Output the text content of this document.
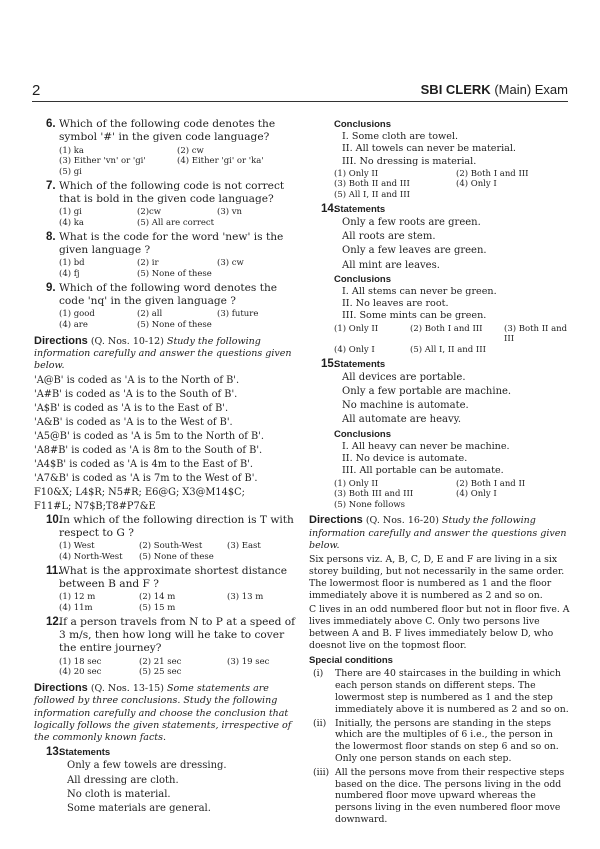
2	SBI CLERK (Main) Exam
6. Which of the following code denotes the symbol '#' in the given code language?
(1) ka	(2) cw
(3) Either 'vn' or 'gi'	(4) Either 'gi' or 'ka'
(5) gi
7. Which of the following code is not correct that is bold in the given code language?
(1) gi	(2)cw	(3) vn
(4) ka	(5) All are correct
8. What is the code for the word 'new' is the given language ?
(1) bd	(2) ir	(3) cw
(4) fj	(5) None of these
9. Which of the following word denotes the code 'nq' in the given language ?
(1) good	(2) all	(3) future
(4) are	(5) None of these
Directions (Q. Nos. 10-12) Study the following information carefully and answer the questions given below.
'A@B' is coded as 'A is to the North of B'.
'A#B' is coded as 'A is to the South of B'.
'A$B' is coded as 'A is to the East of B'.
'A&B' is coded as 'A is to the West of B'.
'A5@B' is coded as 'A is 5m to the North of B'.
'A8#B' is coded as 'A is 8m to the South of B'.
'A4$B' is coded as 'A is 4m to the East of B'.
'A7&B' is coded as 'A is 7m to the West of B'.
F10&X; L4$R; N5#R; E6@G; X3@M14$C;
F11#L; N7$B;T8#P7&E
10.
In which of the following direction is T with respect to G ?
(1) West	(2) South-West	(3) East
(4) North-West	(5) None of these
11.
What is the approximate shortest distance between B and F ?
(1) 12 m	(2) 14 m	(3) 13 m
(4) 11m	(5) 15 m
12.
If a person travels from N to P at a speed of 3 m/s, then how long will he take to cover the entire journey?
(1) 18 sec	(2) 21 sec	(3) 19 sec
(4) 20 sec	(5) 25 sec
Directions (Q. Nos. 13-15) Some statements are followed by three conclusions. Study the following information carefully and choose the conclusion that logically follows the given statements, irrespective of the commonly known facts.
13.
Statements
Only a few towels are dressing.
All dressing are cloth.
No cloth is material.
Some materials are general.
Conclusions
I. Some cloth are towel.
II. All towels can never be material.
III. No dressing is material.
(1) Only II	(2) Both I and III
(3) Both II and III	(4) Only I
(5) All I, II and III
14.
Statements
Only a few roots are green.
All roots are stem.
Only a few leaves are green.
All mint are leaves.
Conclusions
I. All stems can never be green.
II. No leaves are root.
III. Some mints can be green.
(1) Only II	(2) Both I and III	(3) Both II and III
(4) Only I	(5) All I, II and III
15.
Statements
All devices are portable.
Only a few portable are machine.
No machine is automate.
All automate are heavy.
Conclusions
I. All heavy can never be machine.
II. No device is automate.
III. All portable can be automate.
(1) Only II	(2) Both I and II
(3) Both III and III	(4) Only I
(5) None follows
Directions (Q. Nos. 16-20) Study the following information carefully and answer the questions given below.
Six persons viz. A, B, C, D, E and F are living in a six storey building, but not necessarily in the same order. The lowermost floor is numbered as 1 and the floor immediately above it is numbered as 2 and so on.
C lives in an odd numbered floor but not in floor five. A lives immediately above C. Only two persons live between A and B. F lives immediately below D, who doesnot live on the topmost floor.
Special conditions
(i) There are 40 staircases in the building in which each person stands on different steps. The lowermost step is numbered as 1 and the step immediately above it is numbered as 2 and so on.
(ii) Initially, the persons are standing in the steps which are the multiples of 6 i.e., the person in the lowermost floor stands on step 6 and so on. Only one person stands on each step.
(iii) All the persons move from their respective steps based on the dice. The persons living in the odd numbered floor move upward whereas the persons living in the even numbered floor move downward.
